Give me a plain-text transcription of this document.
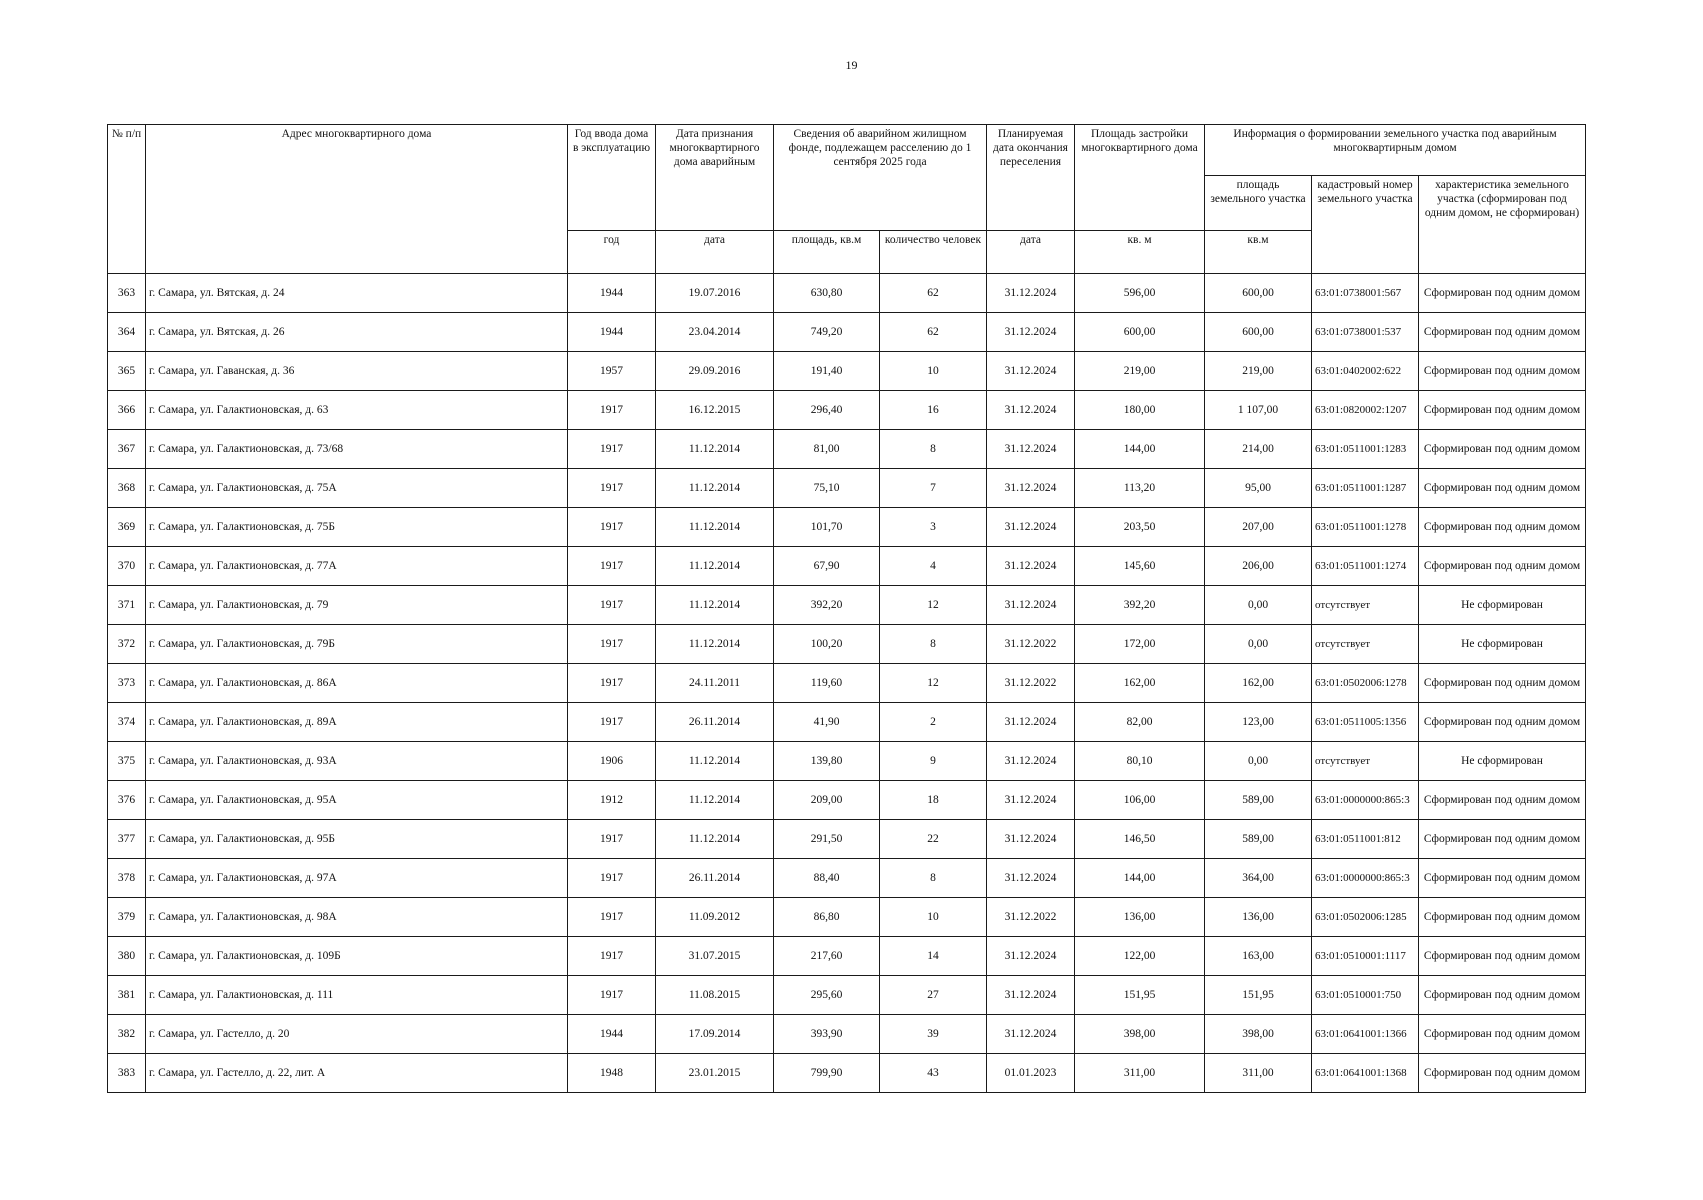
19
№ п/п	Адрес многоквартирного дома	Год ввода дома в эксплуатацию	Дата признания многоквартирного дома аварийным	Сведения об аварийном жилищном фонде, подлежащем расселению до 1 сентября 2025 года		Планируемая дата окончания переселения	Площадь застройки многоквартирного дома	Информация о формировании земельного участка под аварийным многоквартирным домом		
								площадь земельного участка	кадастровый номер земельного участка	характеристика земельного участка (сформирован под одним домом, не сформирован)
		год	дата	площадь, кв.м	количество человек	дата	кв. м	кв.м		
363	г. Самара, ул. Вятская, д. 24	1944	19.07.2016	630,80	62	31.12.2024	596,00	600,00	63:01:0738001:567	Сформирован под одним домом
364	г. Самара, ул. Вятская, д. 26	1944	23.04.2014	749,20	62	31.12.2024	600,00	600,00	63:01:0738001:537	Сформирован под одним домом
365	г. Самара, ул. Гаванская, д. 36	1957	29.09.2016	191,40	10	31.12.2024	219,00	219,00	63:01:0402002:622	Сформирован под одним домом
366	г. Самара, ул. Галактионовская, д. 63	1917	16.12.2015	296,40	16	31.12.2024	180,00	1 107,00	63:01:0820002:1207	Сформирован под одним домом
367	г. Самара, ул. Галактионовская, д. 73/68	1917	11.12.2014	81,00	8	31.12.2024	144,00	214,00	63:01:0511001:1283	Сформирован под одним домом
368	г. Самара, ул. Галактионовская, д. 75А	1917	11.12.2014	75,10	7	31.12.2024	113,20	95,00	63:01:0511001:1287	Сформирован под одним домом
369	г. Самара, ул. Галактионовская, д. 75Б	1917	11.12.2014	101,70	3	31.12.2024	203,50	207,00	63:01:0511001:1278	Сформирован под одним домом
370	г. Самара, ул. Галактионовская, д. 77А	1917	11.12.2014	67,90	4	31.12.2024	145,60	206,00	63:01:0511001:1274	Сформирован под одним домом
371	г. Самара, ул. Галактионовская, д. 79	1917	11.12.2014	392,20	12	31.12.2024	392,20	0,00	отсутствует	Не сформирован
372	г. Самара, ул. Галактионовская, д. 79Б	1917	11.12.2014	100,20	8	31.12.2022	172,00	0,00	отсутствует	Не сформирован
373	г. Самара, ул. Галактионовская, д. 86А	1917	24.11.2011	119,60	12	31.12.2022	162,00	162,00	63:01:0502006:1278	Сформирован под одним домом
374	г. Самара, ул. Галактионовская, д. 89А	1917	26.11.2014	41,90	2	31.12.2024	82,00	123,00	63:01:0511005:1356	Сформирован под одним домом
375	г. Самара, ул. Галактионовская, д. 93А	1906	11.12.2014	139,80	9	31.12.2024	80,10	0,00	отсутствует	Не сформирован
376	г. Самара, ул. Галактионовская, д. 95А	1912	11.12.2014	209,00	18	31.12.2024	106,00	589,00	63:01:0000000:865:3	Сформирован под одним домом
377	г. Самара, ул. Галактионовская, д. 95Б	1917	11.12.2014	291,50	22	31.12.2024	146,50	589,00	63:01:0511001:812	Сформирован под одним домом
378	г. Самара, ул. Галактионовская, д. 97А	1917	26.11.2014	88,40	8	31.12.2024	144,00	364,00	63:01:0000000:865:3	Сформирован под одним домом
379	г. Самара, ул. Галактионовская, д. 98А	1917	11.09.2012	86,80	10	31.12.2022	136,00	136,00	63:01:0502006:1285	Сформирован под одним домом
380	г. Самара, ул. Галактионовская, д. 109Б	1917	31.07.2015	217,60	14	31.12.2024	122,00	163,00	63:01:0510001:1117	Сформирован под одним домом
381	г. Самара, ул. Галактионовская, д. 111	1917	11.08.2015	295,60	27	31.12.2024	151,95	151,95	63:01:0510001:750	Сформирован под одним домом
382	г. Самара, ул. Гастелло, д. 20	1944	17.09.2014	393,90	39	31.12.2024	398,00	398,00	63:01:0641001:1366	Сформирован под одним домом
383	г. Самара, ул. Гастелло, д. 22, лит. А	1948	23.01.2015	799,90	43	01.01.2023	311,00	311,00	63:01:0641001:1368	Сформирован под одним домом
